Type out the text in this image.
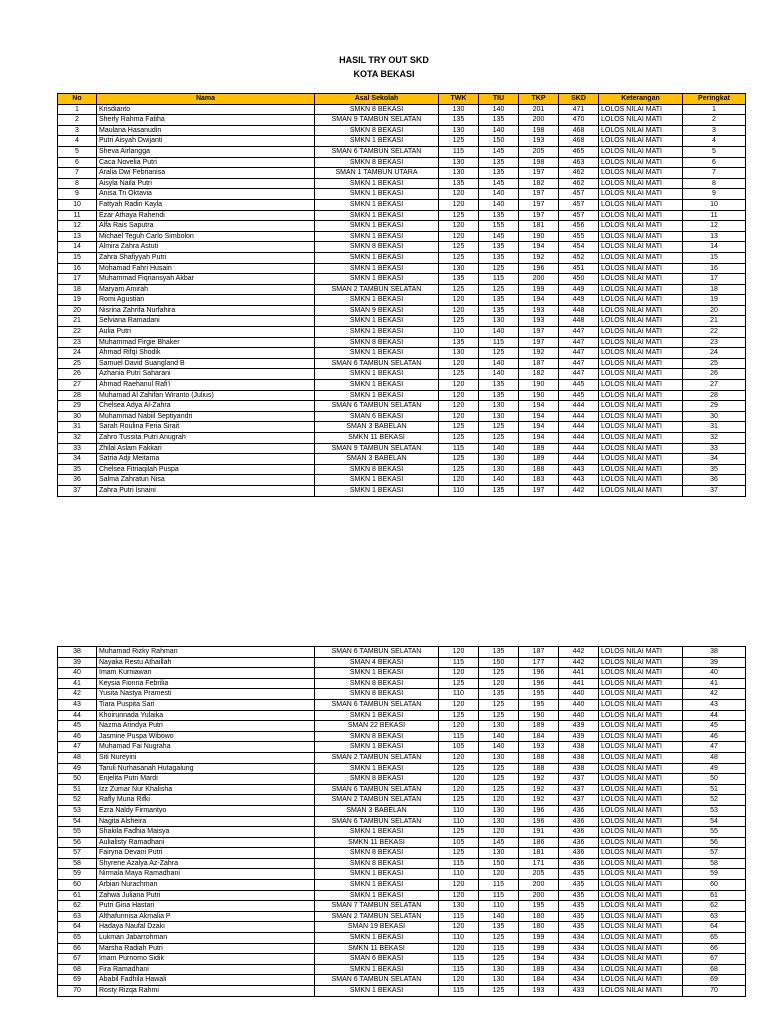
HASIL TRY OUT SKD
KOTA BEKASI
No	Nama	Asal Sekolah	TWK	TIU	TKP	SKD	Keterangan	Peringkat
1	Krisdianto	SMKN 8 BEKASI	130	140	201	471	LOLOS NILAI MATI	1
2	Sherly Rahma Fatiha	SMAN 9 TAMBUN SELATAN	135	135	200	470	LOLOS NILAI MATI	2
3	Maulana Hasanudin	SMKN 8 BEKASI	130	140	198	468	LOLOS NILAI MATI	3
4	Putri Aisyah Dwijanti	SMKN 1 BEKASI	125	150	193	468	LOLOS NILAI MATI	4
5	Sheva Airlangga	SMAN 6 TAMBUN SELATAN	115	145	205	465	LOLOS NILAI MATI	5
6	Caca Novelia Putri	SMKN 8 BEKASI	130	135	198	463	LOLOS NILAI MATI	6
7	Aralia Dwi Febrianisa	SMAN 1 TAMBUN UTARA	130	135	197	462	LOLOS NILAI MATI	7
8	Aisyla Naila Putri	SMKN 1 BEKASI	135	145	182	462	LOLOS NILAI MATI	8
9	Anisa Tri Oktavia	SMKN 1 BEKASI	120	140	197	457	LOLOS NILAI MATI	9
10	Fattyah Radin Kayla	SMKN 1 BEKASI	120	140	197	457	LOLOS NILAI MATI	10
11	Ezar Athaya Rahendi	SMKN 1 BEKASI	125	135	197	457	LOLOS NILAI MATI	11
12	Alfa Rais Saputra	SMKN 1 BEKASI	120	155	181	456	LOLOS NILAI MATI	12
13	Michael Teguh Carlo Simbolon	SMKN 1 BEKASI	120	145	190	455	LOLOS NILAI MATI	13
14	Almira Zahra Astuti	SMKN 8 BEKASI	125	135	194	454	LOLOS NILAI MATI	14
15	Zahra Shafiyyah Putri	SMKN 1 BEKASI	125	135	192	452	LOLOS NILAI MATI	15
16	Mohamad Fahri Husain	SMKN 1 BEKASI	130	125	196	451	LOLOS NILAI MATI	16
17	Muhammad Fiqriansyah Akbar	SMKN 1 BEKASI	135	115	200	450	LOLOS NILAI MATI	17
18	Maryam Amirah	SMAN 2 TAMBUN SELATAN	125	125	199	449	LOLOS NILAI MATI	18
19	Romi Agustian	SMKN 1 BEKASI	120	135	194	449	LOLOS NILAI MATI	19
20	Nisrina Zahrifa Nurfahira	SMAN 9 BEKASI	120	135	193	448	LOLOS NILAI MATI	20
21	Selviana Ramadani	SMKN 1 BEKASI	125	130	193	448	LOLOS NILAI MATI	21
22	Aulia Putri	SMKN 1 BEKASI	110	140	197	447	LOLOS NILAI MATI	22
23	Muhammad Firgie Bhaker	SMKN 8 BEKASI	135	115	197	447	LOLOS NILAI MATI	23
24	Ahmad Rifqi Shodik	SMKN 1 BEKASI	130	125	192	447	LOLOS NILAI MATI	24
25	Samuel David Suangland B	SMAN 6 TAMBUN SELATAN	120	140	187	447	LOLOS NILAI MATI	25
26	Azhania Putri Saharani	SMKN 1 BEKASI	125	140	182	447	LOLOS NILAI MATI	26
27	Ahmad Raehanul Rafi'i	SMKN 1 BEKASI	120	135	190	445	LOLOS NILAI MATI	27
28	Muhamad Al Zahifan Wiranto (Julius)	SMKN 1 BEKASI	120	135	190	445	LOLOS NILAI MATI	28
29	Chelsea Adya Al-Zahra	SMAN 6 TAMBUN SELATAN	120	130	194	444	LOLOS NILAI MATI	29
30	Muhammad Nabiil Septiyandri	SMAN 6 BEKASI	120	130	194	444	LOLOS NILAI MATI	30
31	Sarah Roulina Feria Sirait	SMAN 3 BABELAN	125	125	194	444	LOLOS NILAI MATI	31
32	Zahro Tussita Putri Anugrah	SMKN 11 BEKASI	125	125	194	444	LOLOS NILAI MATI	32
33	Zhilal Aslam Fakkari	SMAN 9 TAMBUN SELATAN	115	140	189	444	LOLOS NILAI MATI	33
34	Satria Adji Meitama	SMAN 3 BABELAN	125	130	189	444	LOLOS NILAI MATI	34
35	Chelsea Fitriaqilah Puspa	SMKN 8 BEKASI	125	130	188	443	LOLOS NILAI MATI	35
36	Salma Zahratun Nisa	SMKN 1 BEKASI	120	140	183	443	LOLOS NILAI MATI	36
37	Zahra Putri Isnaini	SMKN 1 BEKASI	110	135	197	442	LOLOS NILAI MATI	37
38	Muhamad Rizky Rahman	SMAN 6 TAMBUN SELATAN	120	135	187	442	LOLOS NILAI MATI	38
39	Nayaka Restu Athaillah	SMAN 4 BEKASI	115	150	177	442	LOLOS NILAI MATI	39
40	Imam Kurniawan	SMKN 1 BEKASI	120	125	196	441	LOLOS NILAI MATI	40
41	Keysia Fionna Febrilia	SMKN 8 BEKASI	125	120	196	441	LOLOS NILAI MATI	41
42	Yusita Nastya Pramesti	SMKN 8 BEKASI	110	135	195	440	LOLOS NILAI MATI	42
43	Tiara Puspita Sari	SMAN 6 TAMBUN SELATAN	120	125	195	440	LOLOS NILAI MATI	43
44	Khoirunnada Yulaika	SMKN 1 BEKASI	125	125	190	440	LOLOS NILAI MATI	44
45	Nazma Arindya Putri	SMAN 22 BEKASI	120	130	189	439	LOLOS NILAI MATI	45
46	Jasmine Puspa Wibowo	SMKN 8 BEKASI	115	140	184	439	LOLOS NILAI MATI	46
47	Muhamad Fai Nugraha	SMKN 1 BEKASI	105	140	193	438	LOLOS NILAI MATI	47
48	Siti Nureyini	SMAN 2 TAMBUN SELATAN	120	130	188	438	LOLOS NILAI MATI	48
49	Taruli Nurhasanah Hutagalung	SMKN 1 BEKASI	125	125	188	438	LOLOS NILAI MATI	49
50	Enjelita Putri Mardi	SMKN 8 BEKASI	120	125	192	437	LOLOS NILAI MATI	50
51	Izz Zumar Nur Khalisha	SMAN 6 TAMBUN SELATAN	120	125	192	437	LOLOS NILAI MATI	51
52	Rafly Muna Rifki	SMAN 2 TAMBUN SELATAN	125	120	192	437	LOLOS NILAI MATI	52
53	Ezra Naldy Firmantyo	SMAN 3 BABELAN	110	130	196	436	LOLOS NILAI MATI	53
54	Nagita Alsheira	SMAN 6 TAMBUN SELATAN	110	130	196	436	LOLOS NILAI MATI	54
55	Shakila Fadhia Maisya	SMKN 1 BEKASI	125	120	191	436	LOLOS NILAI MATI	55
56	Aulialisty Ramadhani	SMKN 11 BEKASI	105	145	186	436	LOLOS NILAI MATI	56
57	Fairyna Devani Putri	SMKN 8 BEKASI	125	130	181	436	LOLOS NILAI MATI	57
58	Shyrene Azalya Az-Zahra	SMKN 8 BEKASI	115	150	171	436	LOLOS NILAI MATI	58
59	Nirmala Maya Ramadhani	SMKN 1 BEKASI	110	120	205	435	LOLOS NILAI MATI	59
60	Arbian Nurachman	SMKN 1 BEKASI	120	115	200	435	LOLOS NILAI MATI	60
61	Zahwa Juliana Putri	SMKN 1 BEKASI	120	115	200	435	LOLOS NILAI MATI	61
62	Putri Gina Hastari	SMAN 7 TAMBUN SELATAN	130	110	195	435	LOLOS NILAI MATI	62
63	Althafunnisa Akmalia P	SMAN 2 TAMBUN SELATAN	115	140	180	435	LOLOS NILAI MATI	63
64	Hadaya Naufal Dzaki	SMAN 19 BEKASI	120	135	180	435	LOLOS NILAI MATI	64
65	Lukman Jabarrohman	SMKN 1 BEKASI	110	125	199	434	LOLOS NILAI MATI	65
66	Marsha Radiah Putri	SMKN 11 BEKASI	120	115	199	434	LOLOS NILAI MATI	66
67	Imam Purnomo Sidik	SMAN 6 BEKASI	115	125	194	434	LOLOS NILAI MATI	67
68	Fira Ramadhani	SMKN 1 BEKASI	115	130	189	434	LOLOS NILAI MATI	68
69	Ababil Fadhila Hawali	SMAN 6 TAMBUN SELATAN	120	130	184	434	LOLOS NILAI MATI	69
70	Rosty Rizqa Rahmi	SMKN 1 BEKASI	115	125	193	433	LOLOS NILAI MATI	70
